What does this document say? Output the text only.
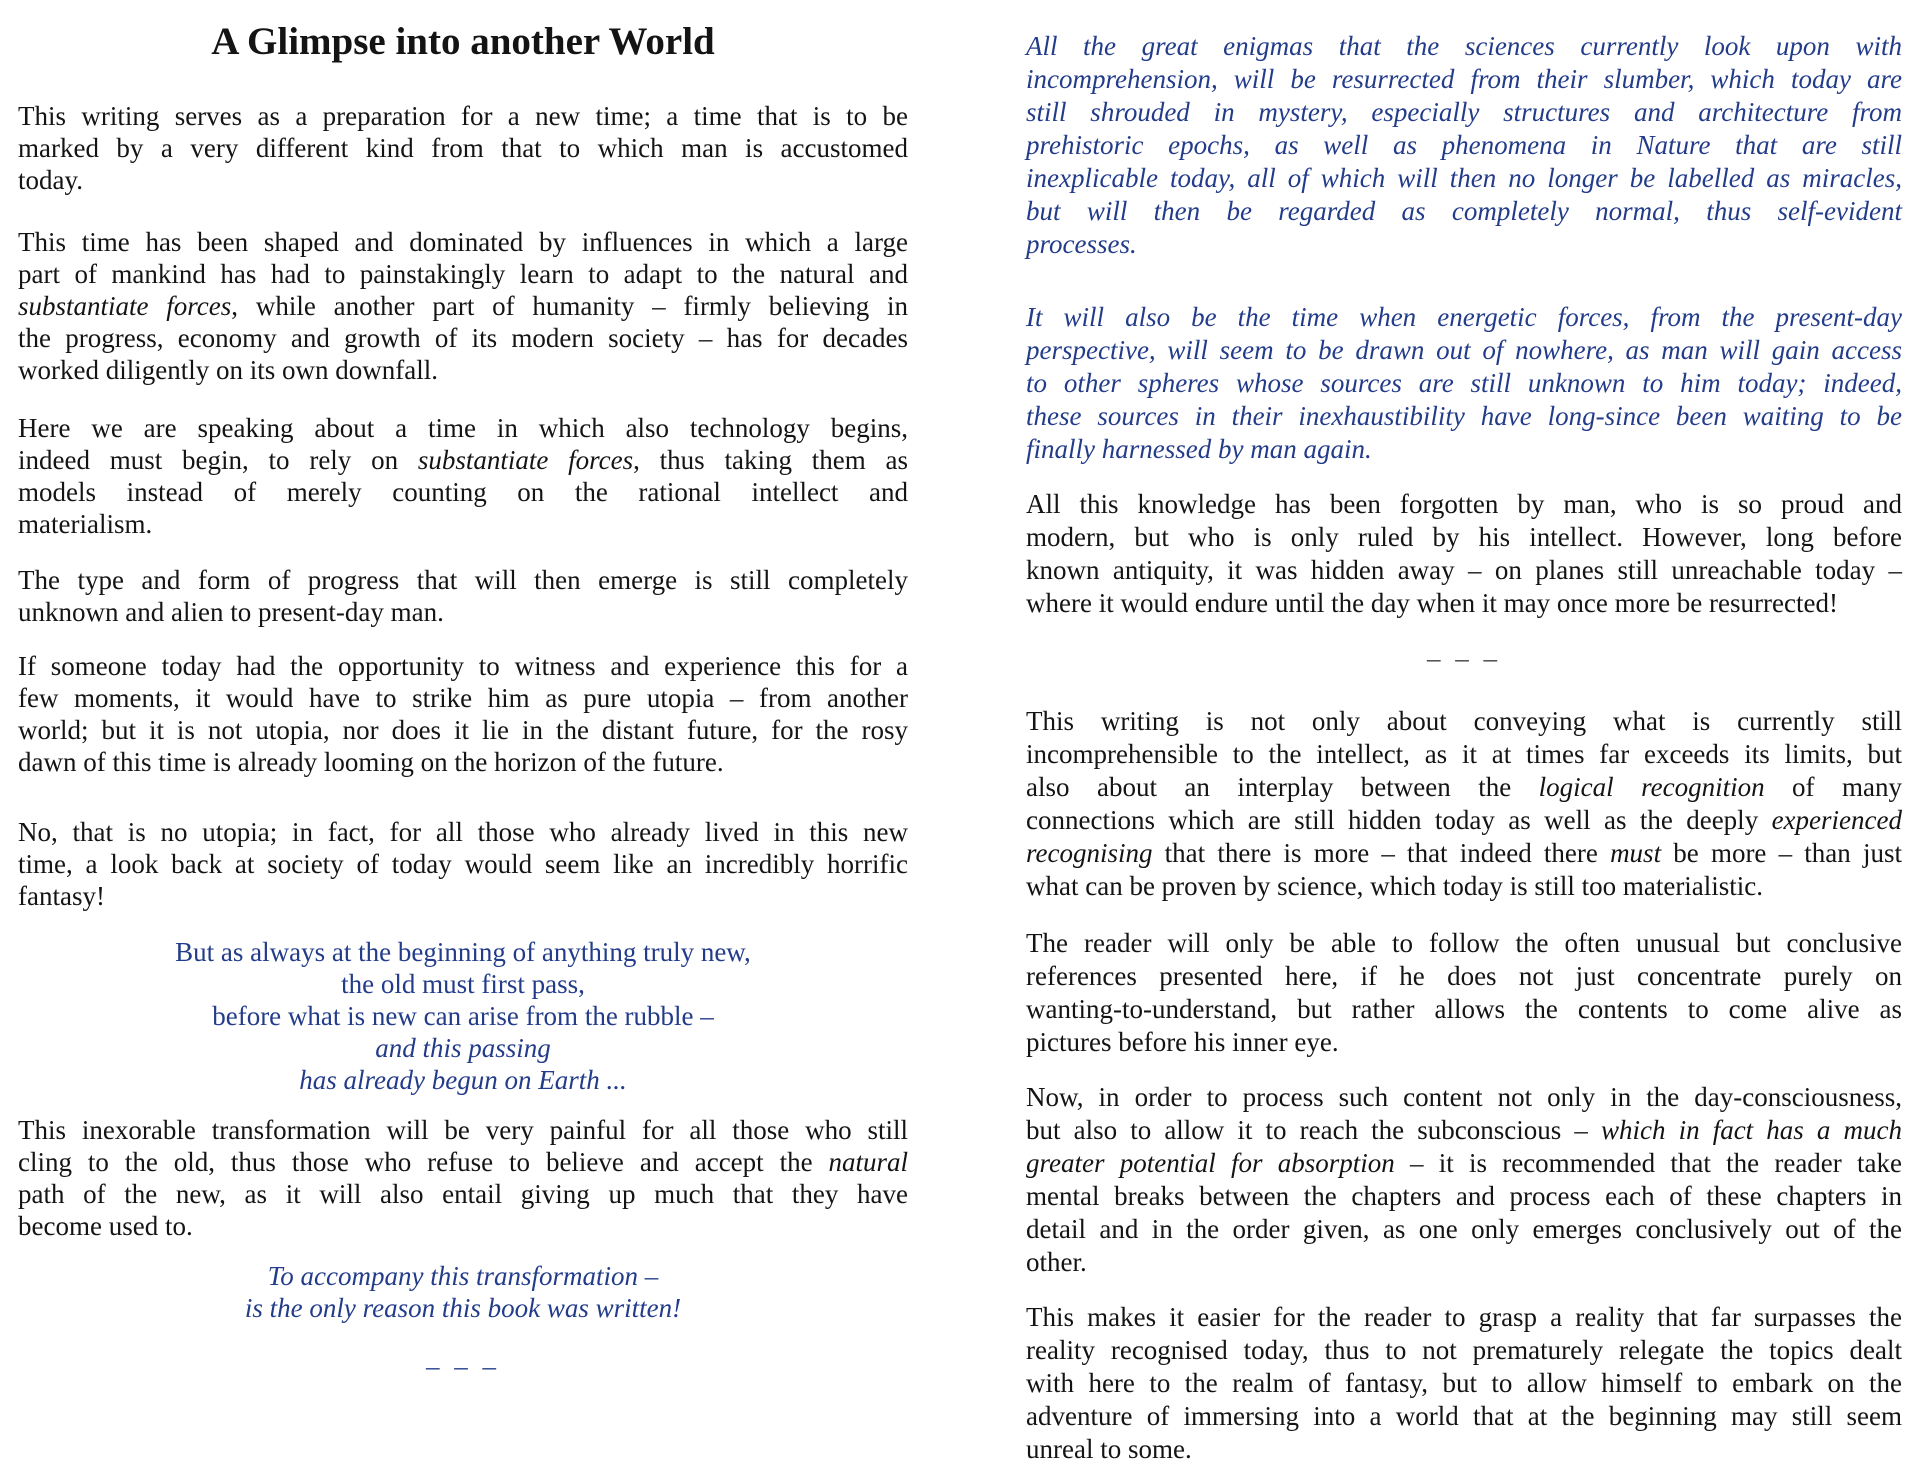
A Glimpse into another World
This writing serves as a preparation for a new time; a time that is to be
marked by a very different kind from that to which man is accustomed
today.
This time has been shaped and dominated by influences in which a large
part of mankind has had to painstakingly learn to adapt to the natural and
substantiate forces, while another part of humanity – firmly believing in
the progress, economy and growth of its modern society – has for decades
worked diligently on its own downfall.
Here we are speaking about a time in which also technology begins,
indeed must begin, to rely on substantiate forces, thus taking them as
models instead of merely counting on the rational intellect and
materialism.
The type and form of progress that will then emerge is still completely
unknown and alien to present-day man.
If someone today had the opportunity to witness and experience this for a
few moments, it would have to strike him as pure utopia – from another
world; but it is not utopia, nor does it lie in the distant future, for the rosy
dawn of this time is already looming on the horizon of the future.
No, that is no utopia; in fact, for all those who already lived in this new
time, a look back at society of today would seem like an incredibly horrific
fantasy!
But as always at the beginning of anything truly new,
the old must first pass,
before what is new can arise from the rubble –
and this passing
has already begun on Earth ...
This inexorable transformation will be very painful for all those who still
cling to the old, thus those who refuse to believe and accept the natural
path of the new, as it will also entail giving up much that they have
become used to.
To accompany this transformation –
is the only reason this book was written!
– – –
All the great enigmas that the sciences currently look upon with
incomprehension, will be resurrected from their slumber, which today are
still shrouded in mystery, especially structures and architecture from
prehistoric epochs, as well as phenomena in Nature that are still
inexplicable today, all of which will then no longer be labelled as miracles,
but will then be regarded as completely normal, thus self-evident
processes.
It will also be the time when energetic forces, from the present-day
perspective, will seem to be drawn out of nowhere, as man will gain access
to other spheres whose sources are still unknown to him today; indeed,
these sources in their inexhaustibility have long-since been waiting to be
finally harnessed by man again.
All this knowledge has been forgotten by man, who is so proud and
modern, but who is only ruled by his intellect. However, long before
known antiquity, it was hidden away – on planes still unreachable today –
where it would endure until the day when it may once more be resurrected!
– – –
This writing is not only about conveying what is currently still
incomprehensible to the intellect, as it at times far exceeds its limits, but
also about an interplay between the logical recognition of many
connections which are still hidden today as well as the deeply experienced
recognising that there is more – that indeed there must be more – than just
what can be proven by science, which today is still too materialistic.
The reader will only be able to follow the often unusual but conclusive
references presented here, if he does not just concentrate purely on
wanting-to-understand, but rather allows the contents to come alive as
pictures before his inner eye.
Now, in order to process such content not only in the day-consciousness,
but also to allow it to reach the subconscious – which in fact has a much
greater potential for absorption – it is recommended that the reader take
mental breaks between the chapters and process each of these chapters in
detail and in the order given, as one only emerges conclusively out of the
other.
This makes it easier for the reader to grasp a reality that far surpasses the
reality recognised today, thus to not prematurely relegate the topics dealt
with here to the realm of fantasy, but to allow himself to embark on the
adventure of immersing into a world that at the beginning may still seem
unreal to some.
